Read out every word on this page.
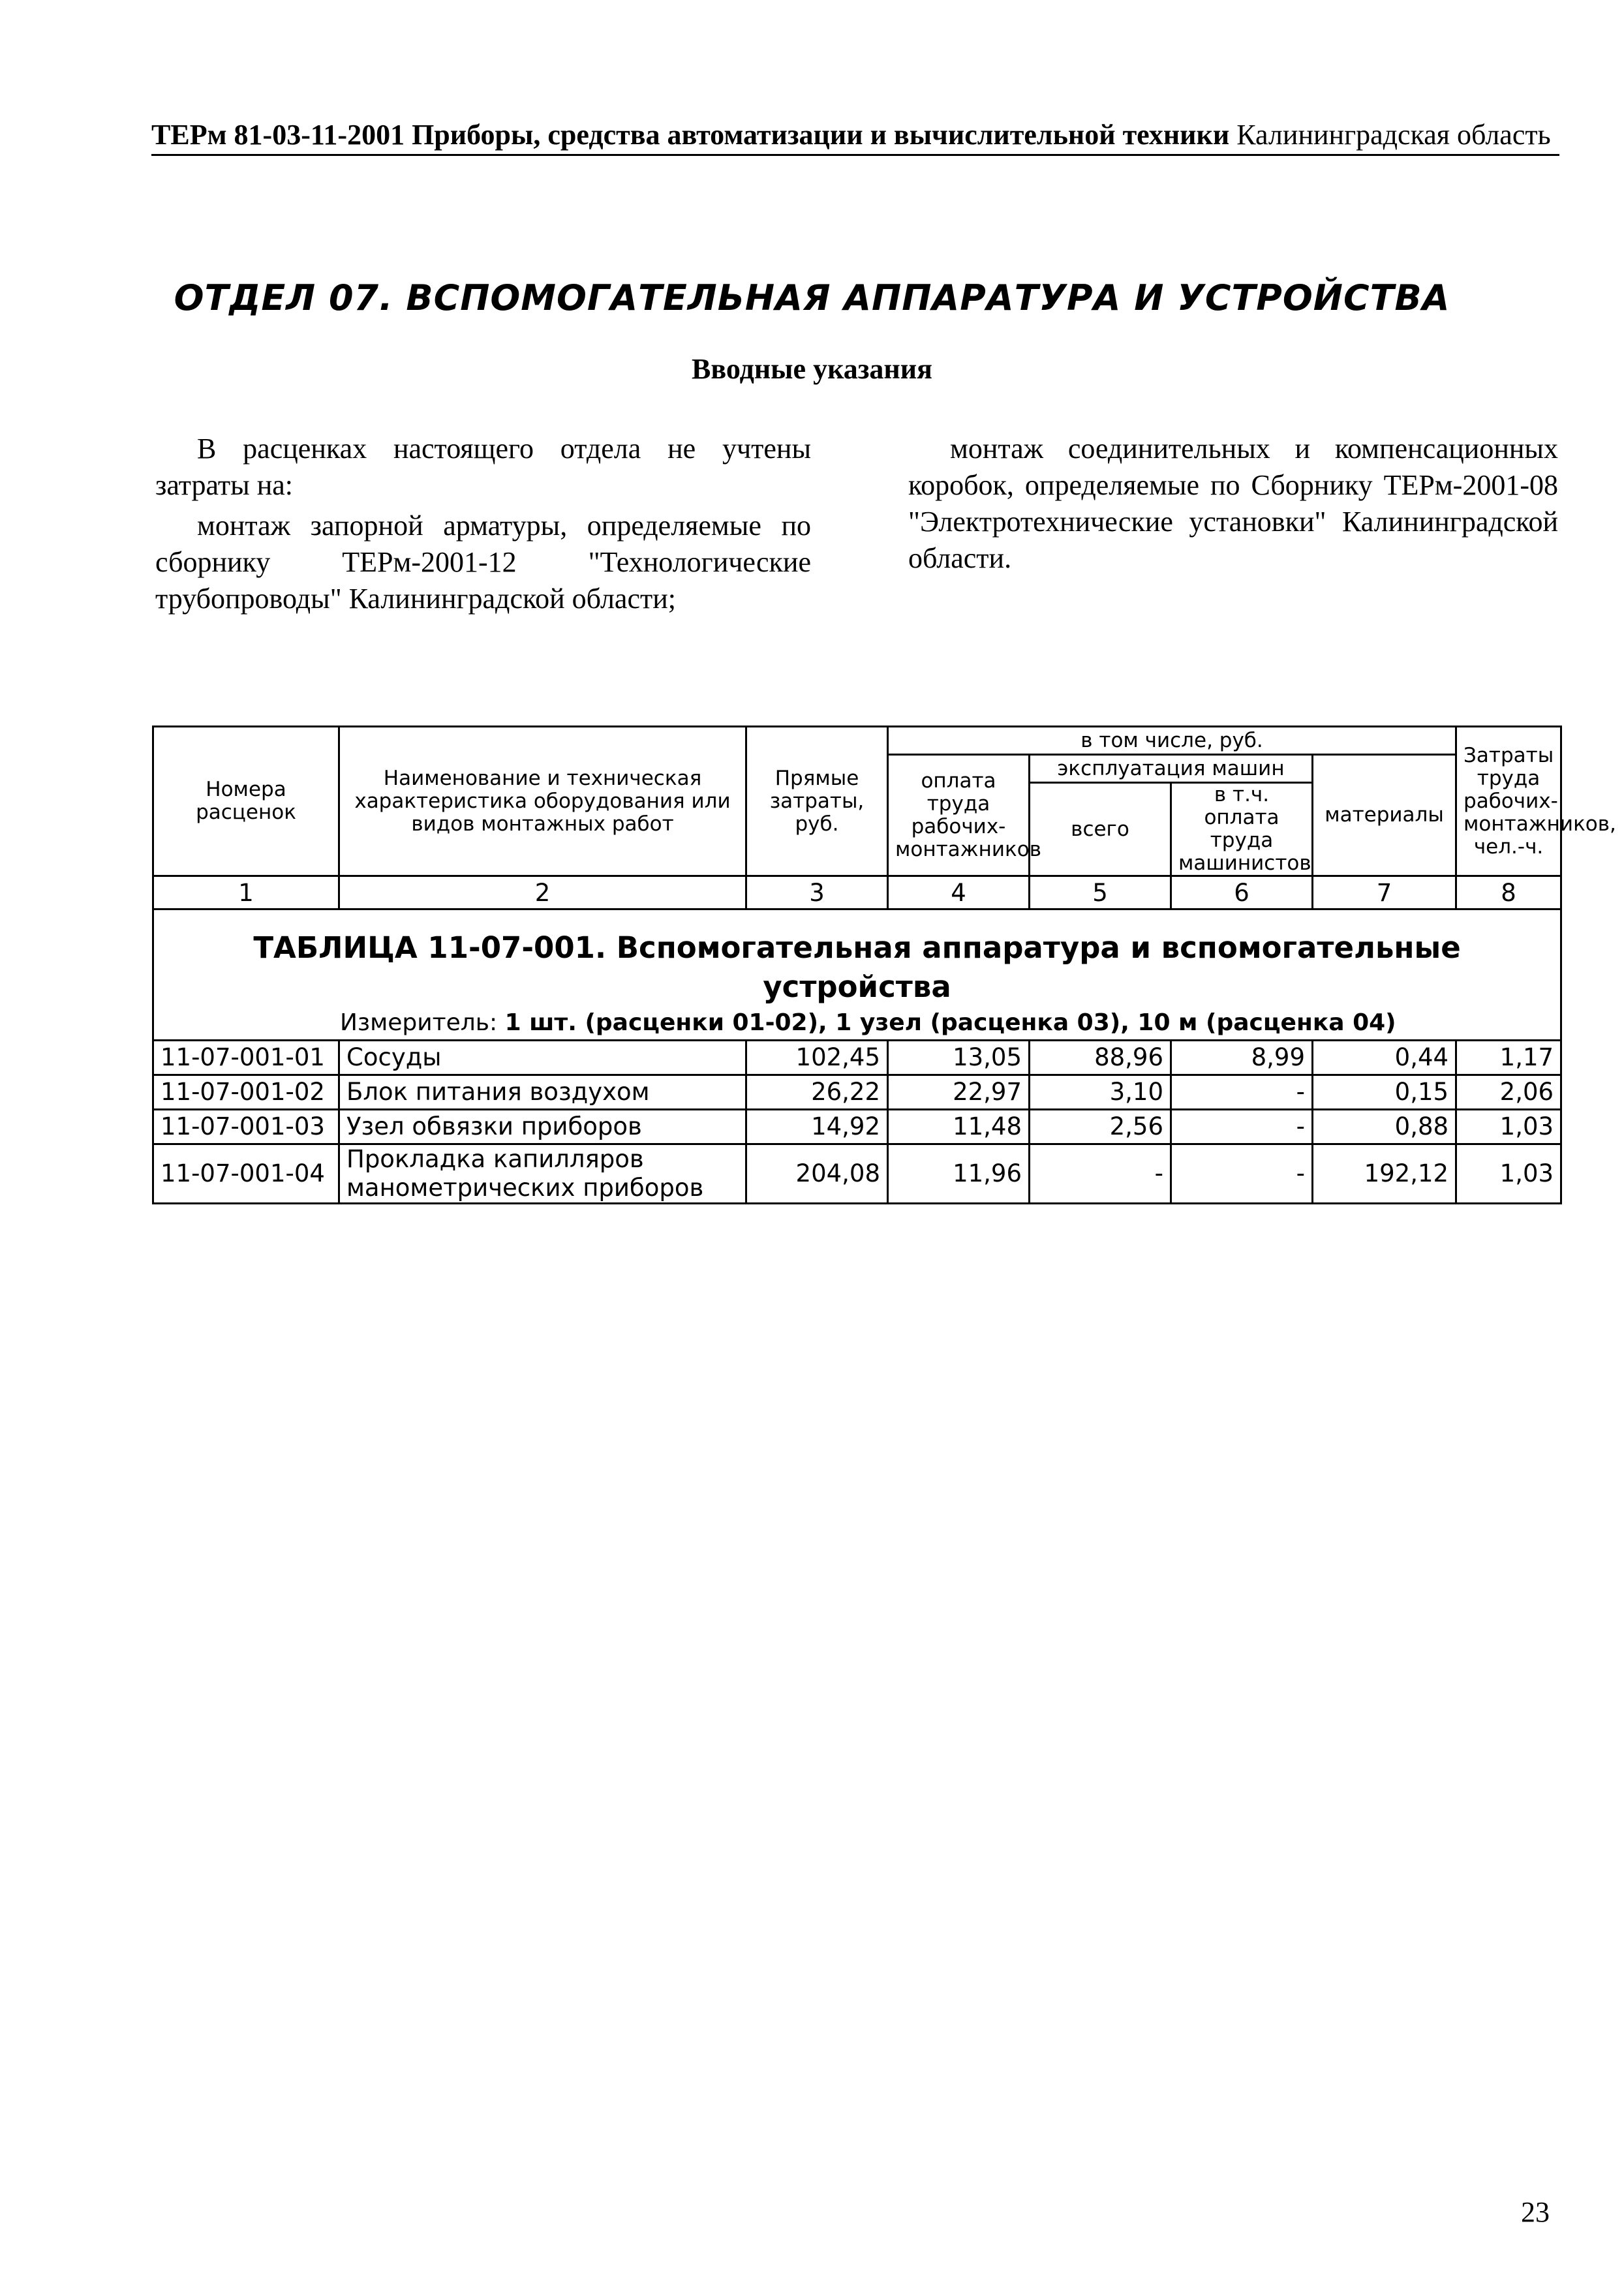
ТЕРм 81-03-11-2001 Приборы, средства автоматизации и вычислительной техники Калининградская область
ОТДЕЛ 07. ВСПОМОГАТЕЛЬНАЯ АППАРАТУРА И УСТРОЙСТВА
Вводные указания

В расценках настоящего отдела не учтены затраты на:

монтаж запорной арматуры, определяемые по сборнику ТЕРм-2001-12 "Технологические трубопроводы" Калининградской области;

монтаж соединительных и компенсационных коробок, определяемые по Сборнику ТЕРм-2001-08 "Электротехнические установки" Калининградской области.

Номера расценок	Наименование и техническая характеристика оборудования или видов монтажных работ	Прямые затраты, руб.	в том числе, руб.				Затраты труда рабочих-монтажников, чел.-ч.
			оплата труда рабочих-монтажников	эксплуатация машин		материалы	
				всего	в т.ч. оплата труда машинистов		
1	2	3	4	5	6	7	8
ТАБЛИЦА 11-07-001. Вспомогательная аппаратура и вспомогательные устройства							
Измеритель: 1 шт. (расценки 01-02), 1 узел (расценка 03), 10 м (расценка 04)							
11-07-001-01	Сосуды	102,45	13,05	88,96	8,99	0,44	1,17
11-07-001-02	Блок питания воздухом	26,22	22,97	3,10	-	0,15	2,06
11-07-001-03	Узел обвязки приборов	14,92	11,48	2,56	-	0,88	1,03
11-07-001-04	Прокладка капилляров манометрических приборов	204,08	11,96	-	-	192,12	1,03
23
